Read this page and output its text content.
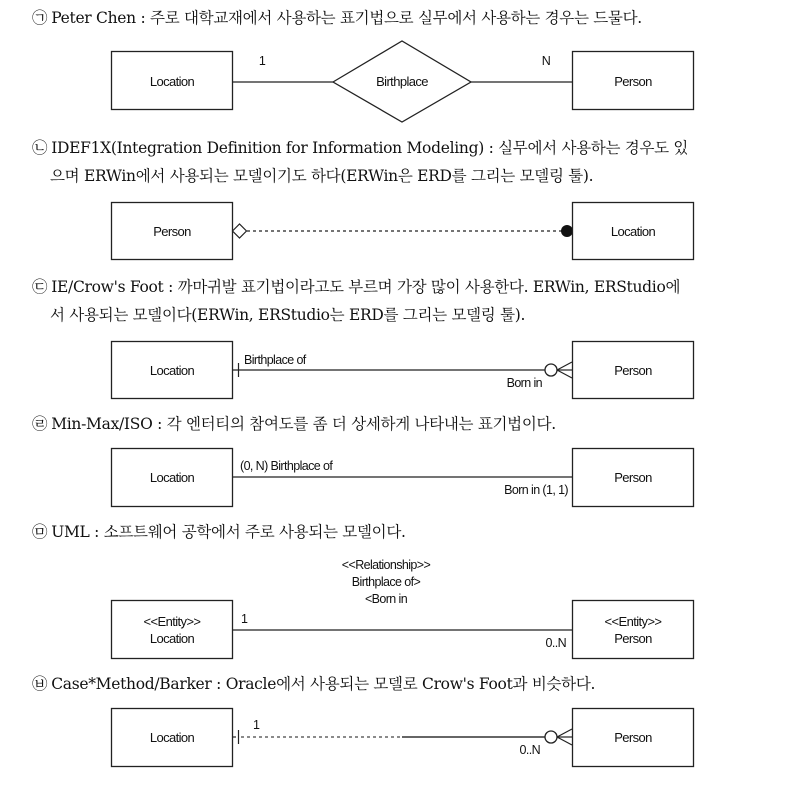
㉠ Peter Chen : 주로 대학교재에서 사용하는 표기법으로 실무에서 사용하는 경우는 드물다.
Location	Birthplace
1	N
Person
Person	Location
Location
Birthplace of
Born in
Person
Location
(0, N) Birthplace of
Born in (1, 1)
Person
<<Relationship>>
Birthplace of>
<Born in
<<Entity>>
Location
1
0..N
<<Entity>>
Person
Location
1
0..N
Person
㉡ IDEF1X(Integration Definition for Information Modeling) : 실무에서 사용하는 경우도 있
으며 ERWin에서 사용되는 모델이기도 하다(ERWin은 ERD를 그리는 모델링 툴).
㉢ IE/Crow's Foot : 까마귀발 표기법이라고도 부르며 가장 많이 사용한다. ERWin, ERStudio에
서 사용되는 모델이다(ERWin, ERStudio는 ERD를 그리는 모델링 툴).
㉣ Min-Max/ISO : 각 엔터티의 참여도를 좀 더 상세하게 나타내는 표기법이다.
㉤ UML : 소프트웨어 공학에서 주로 사용되는 모델이다.
㉥ Case*Method/Barker : Oracle에서 사용되는 모델로 Crow's Foot과 비슷하다.
